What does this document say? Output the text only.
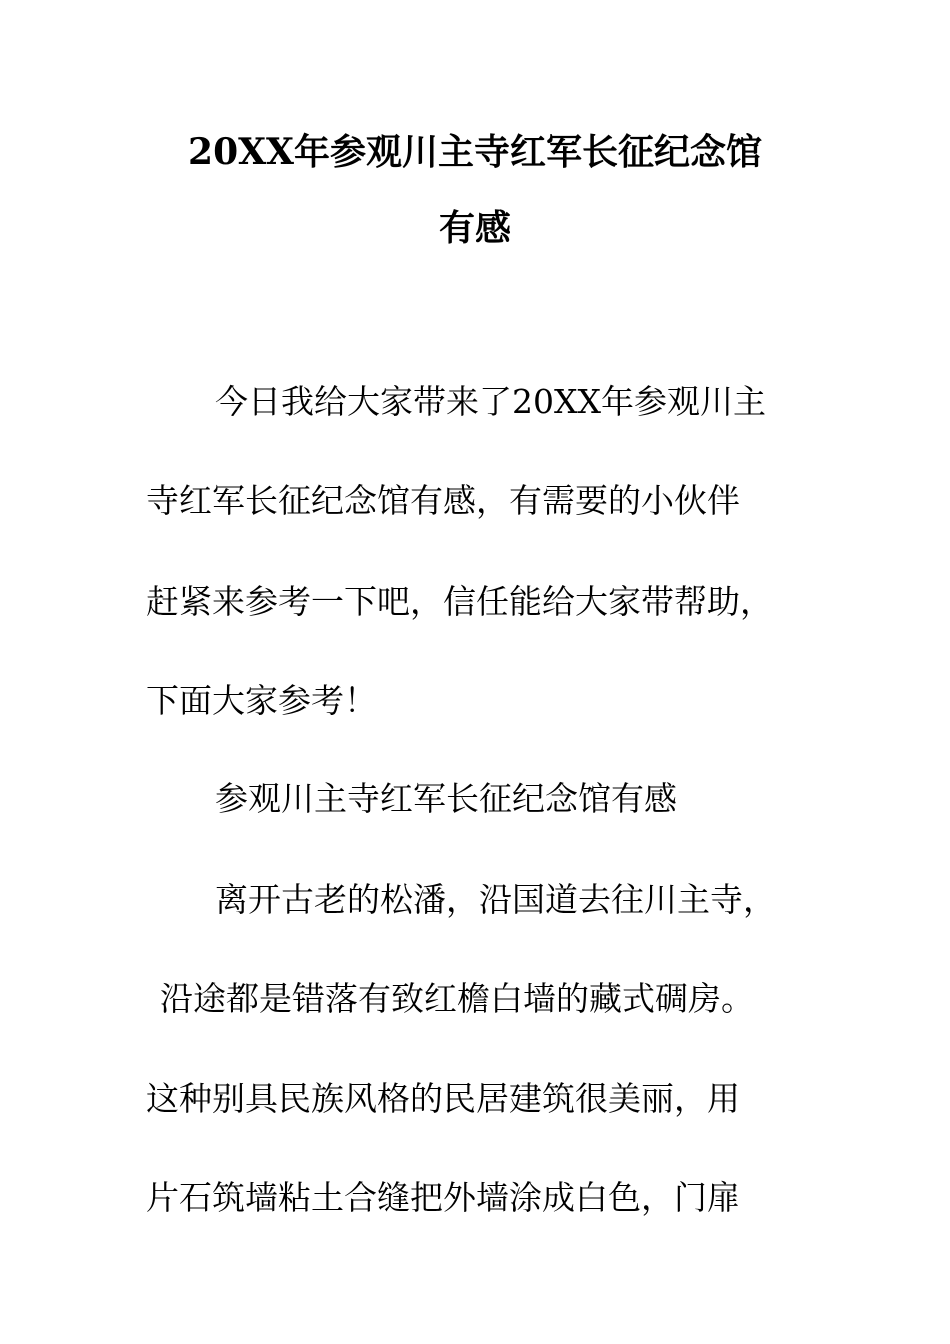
20XX年参观川主寺红军长征纪念馆
有感
今日我给大家带来了20XX年参观川主
寺红军长征纪念馆有感，有需要的小伙伴
赶紧来参考一下吧，信任能给大家带帮助，
下面大家参考！
参观川主寺红军长征纪念馆有感
离开古老的松潘，沿国道去往川主寺，
沿途都是错落有致红檐白墙的藏式碉房。
这种别具民族风格的民居建筑很美丽，用
片石筑墙粘土合缝把外墙涂成白色，门扉
